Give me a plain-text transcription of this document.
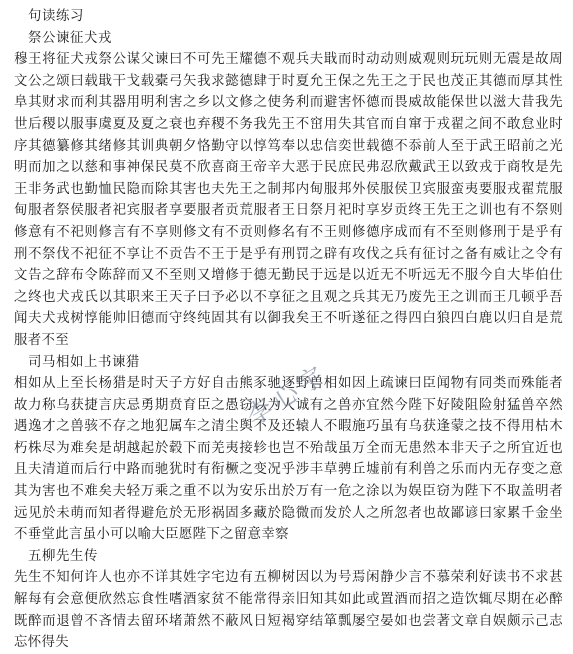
句读练习
祭公谏征犬戎

穆王将征犬戎祭公谋父谏曰不可先王耀德不观兵夫戢而时动动则威观则玩玩则无震是故周文公之颂曰载戢干戈载橐弓矢我求懿德肆于时夏允王保之先王之于民也茂正其德而厚其性阜其财求而利其器用明利害之乡以文修之使务利而避害怀德而畏威故能保世以滋大昔我先世后稷以服事虞夏及夏之衰也弃稷不务我先王不窋用失其官而自窜于戎翟之间不敢怠业时序其德纂修其绪修其训典朝夕恪勤守以惇笃奉以忠信奕世载德不忝前人至于武王昭前之光明而加之以慈和事神保民莫不欣喜商王帝辛大恶于民庶民弗忍欣戴武王以致戎于商牧是先王非务武也勤恤民隐而除其害也夫先王之制邦内甸服邦外侯服侯卫宾服蛮夷要服戎翟荒服甸服者祭侯服者祀宾服者享要服者贡荒服者王日祭月祀时享岁贡终王先王之训也有不祭则修意有不祀则修言有不享则修文有不贡则修名有不王则修德序成而有不至则修刑于是乎有刑不祭伐不祀征不享让不贡告不王于是乎有刑罚之辟有攻伐之兵有征讨之备有威让之令有文告之辞布令陈辞而又不至则又增修于德无勤民于远是以近无不听远无不服今自大毕伯仕之终也犬戎氏以其职来王天子曰予必以不享征之且观之兵其无乃废先王之训而王几顿乎吾闻夫犬戎树惇能帅旧德而守终纯固其有以御我矣王不听遂征之得四白狼四白鹿以归自是荒服者不至

司马相如上书谏猎

相如从上至长杨猎是时天子方好自击熊豕驰逐野兽相如因上疏谏曰臣闻物有同类而殊能者故力称乌获捷言庆忌勇期贲育臣之愚窃以为人诚有之兽亦宜然今陛下好陵阻险射猛兽卒然遇逸才之兽骇不存之地犯属车之清尘舆不及还辕人不暇施巧虽有乌获逢蒙之技不得用枯木朽株尽为难矣是胡越起於毂下而羌夷接轸也岂不殆哉虽万全而无患然本非天子之所宜近也且夫清道而后行中路而驰犹时有衔橛之变况乎涉丰草骋丘墟前有利兽之乐而内无存变之意其为害也不难矣夫轻万乘之重不以为安乐出於万有一危之涂以为娱臣窃为陛下不取盖明者远见於未萌而知者得避危於无形祸固多藏於隐微而发於人之所忽者也故鄙谚曰家累千金坐不垂堂此言虽小可以喻大臣愿陛下之留意幸察

五柳先生传

先生不知何许人也亦不详其姓字宅边有五柳树因以为号焉闲静少言不慕荣利好读书不求甚解每有会意便欣然忘食性嗜酒家贫不能常得亲旧知其如此或置酒而招之造饮辄尽期在必醉既醉而退曾不吝情去留环堵萧然不蔽风日短褐穿结箪瓢屡空晏如也尝著文章自娱颇示己志忘怀得失

李心宇
